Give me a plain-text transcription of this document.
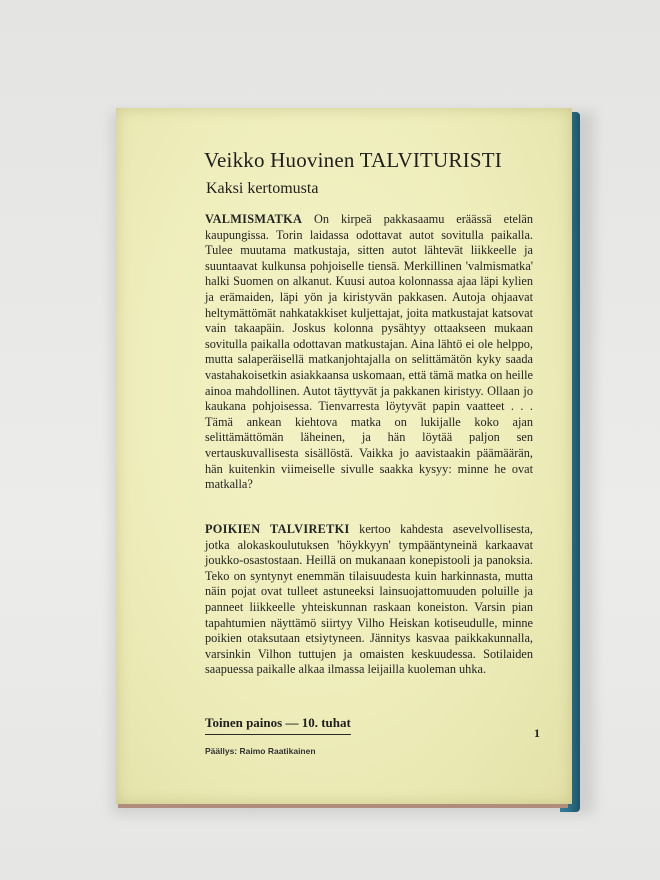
Veikko Huovinen TALVITURISTI
Kaksi kertomusta

VALMISMATKA On kirpeä pakkasaamu eräässä etelän kaupungissa. Torin laidassa odottavat autot sovitulla paikalla. Tulee muutama matkustaja, sitten autot lähtevät liikkeelle ja suuntaavat kulkunsa pohjoiselle tiensä. Merkillinen 'valmismatka' halki Suomen on alkanut. Kuusi autoa kolonnassa ajaa läpi kylien ja erämaiden, läpi yön ja kiristyvän pakkasen. Autoja ohjaavat heltymättömät nahkatakkiset kuljettajat, joita matkustajat katsovat vain takaapäin. Joskus kolonna pysähtyy ottaakseen mukaan sovitulla paikalla odottavan matkustajan. Aina lähtö ei ole helppo, mutta salaperäisellä matkanjohtajalla on selittämätön kyky saada vastahakoisetkin asiakkaansa uskomaan, että tämä matka on heille ainoa mahdollinen. Autot täyttyvät ja pakkanen kiristyy. Ollaan jo kaukana pohjoisessa. Tienvarresta löytyvät papin vaatteet . . . Tämä ankean kiehtova matka on lukijalle koko ajan selittämättömän läheinen, ja hän löytää paljon sen vertauskuvallisesta sisällöstä. Vaikka jo aavistaakin päämäärän, hän kuitenkin viimeiselle sivulle saakka kysyy: minne he ovat matkalla?

POIKIEN TALVIRETKI kertoo kahdesta asevelvollisesta, jotka alokaskoulutuksen 'höykkyyn' tympääntyneinä karkaavat joukko-osastostaan. Heillä on mukanaan konepistooli ja panoksia. Teko on syntynyt enemmän tilaisuudesta kuin harkinnasta, mutta näin pojat ovat tulleet astuneeksi lainsuojattomuuden poluille ja panneet liikkeelle yhteiskunnan raskaan koneiston. Varsin pian tapahtumien näyttämö siirtyy Vilho Heiskan kotiseudulle, minne poikien otaksutaan etsiytyneen. Jännitys kasvaa paikkakunnalla, varsinkin Vilhon tuttujen ja omaisten keskuudessa. Sotilaiden saapuessa paikalle alkaa ilmassa leijailla kuoleman uhka.

Toinen painos — 10. tuhat
1
Päällys: Raimo Raatikainen
